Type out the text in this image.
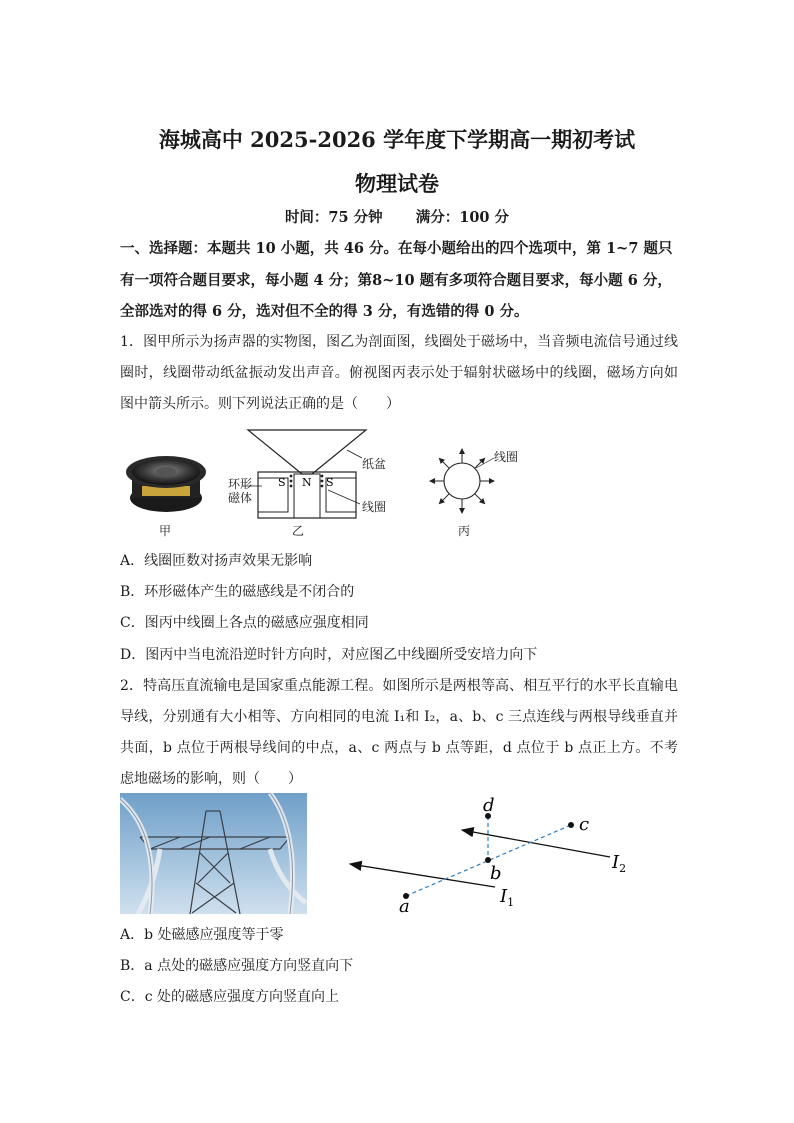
海城高中 2025-2026 学年度下学期高一期初考试
物理试卷
时间：75 分钟 满分：100 分
一、选择题：本题共 10 小题，共 46 分。在每小题给出的四个选项中，第 1~7 题只有一项符合题目要求，每小题 4 分；第8~10 题有多项符合题目要求，每小题 6 分，全部选对的得 6 分，选对但不全的得 3 分，有选错的得 0 分。
1．图甲所示为扬声器的实物图，图乙为剖面图，线圈处于磁场中，当音频电流信号通过线圈时，线圈带动纸盆振动发出声音。俯视图丙表示处于辐射状磁场中的线圈，磁场方向如图中箭头所示。则下列说法正确的是（　　）
甲
S N S
纸盆
环形磁体
线圈
乙
线圈
丙
A．线圈匝数对扬声效果无影响
B．环形磁体产生的磁感线是不闭合的
C．图丙中线圈上各点的磁感应强度相同
D．图丙中当电流沿逆时针方向时，对应图乙中线圈所受安培力向下
2．特高压直流输电是国家重点能源工程。如图所示是两根等高、相互平行的水平长直输电导线，分别通有大小相等、方向相同的电流 I₁和 I₂，a、b、c 三点连线与两根导线垂直并共面，b 点位于两根导线间的中点，a、c 两点与 b 点等距，d 点位于 b 点正上方。不考虑地磁场的影响，则（　　）
a
b
c
d
$I_1$
$I_2$
A．b 处磁感应强度等于零
B．a 点处的磁感应强度方向竖直向下
C．c 处的磁感应强度方向竖直向上
